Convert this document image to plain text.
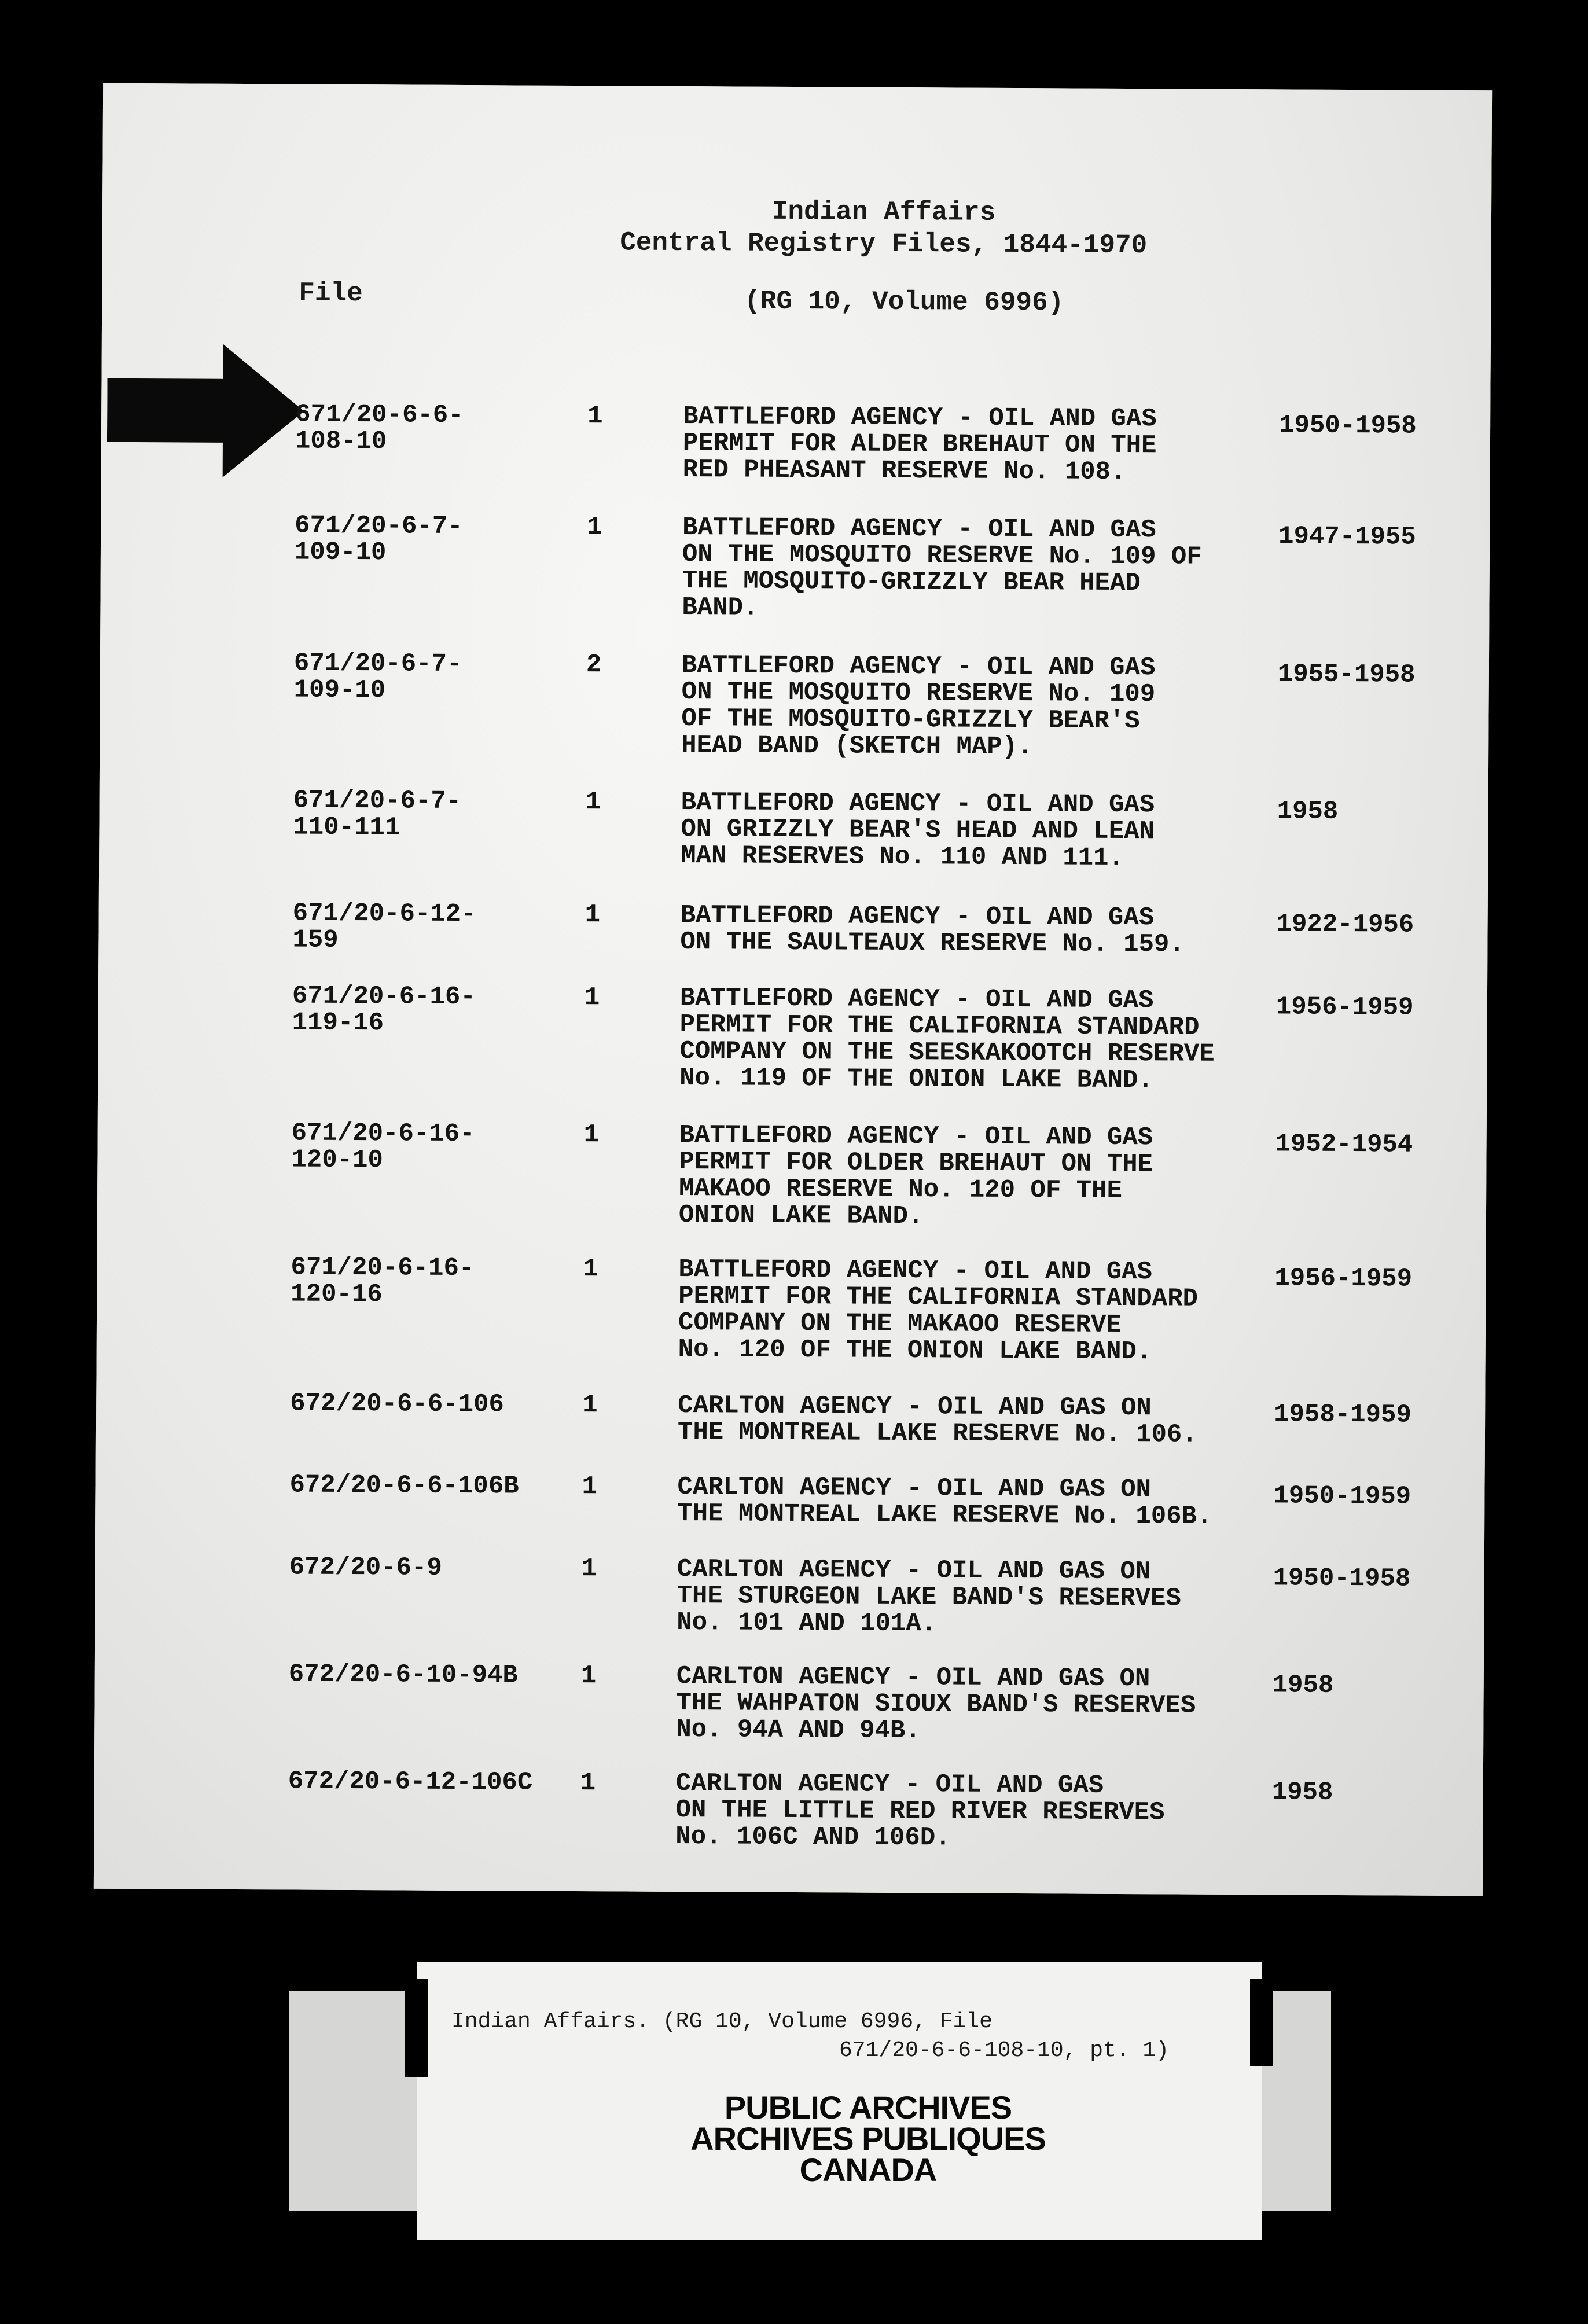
Indian Affairs
Central Registry Files, 1844-1970
File	(RG 10, Volume 6996)
671/20-6-6-
108-10
1	BATTLEFORD AGENCY - OIL AND GAS
PERMIT FOR ALDER BREHAUT ON THE
RED PHEASANT RESERVE No. 108.
1950-1958
671/20-6-7-
109-10
1	BATTLEFORD AGENCY - OIL AND GAS
ON THE MOSQUITO RESERVE No. 109 OF
THE MOSQUITO-GRIZZLY BEAR HEAD
BAND.
1947-1955
671/20-6-7-
109-10
2	BATTLEFORD AGENCY - OIL AND GAS
ON THE MOSQUITO RESERVE No. 109
OF THE MOSQUITO-GRIZZLY BEAR'S
HEAD BAND (SKETCH MAP).
1955-1958
671/20-6-7-
110-111
1	BATTLEFORD AGENCY - OIL AND GAS
ON GRIZZLY BEAR'S HEAD AND LEAN
MAN RESERVES No. 110 AND 111.
1958
671/20-6-12-
159
1	BATTLEFORD AGENCY - OIL AND GAS
ON THE SAULTEAUX RESERVE No. 159.
1922-1956
671/20-6-16-
119-16
1	BATTLEFORD AGENCY - OIL AND GAS
PERMIT FOR THE CALIFORNIA STANDARD
COMPANY ON THE SEESKAKOOTCH RESERVE
No. 119 OF THE ONION LAKE BAND.
1956-1959
671/20-6-16-
120-10
1	BATTLEFORD AGENCY - OIL AND GAS
PERMIT FOR OLDER BREHAUT ON THE
MAKAOO RESERVE No. 120 OF THE
ONION LAKE BAND.
1952-1954
671/20-6-16-
120-16
1	BATTLEFORD AGENCY - OIL AND GAS
PERMIT FOR THE CALIFORNIA STANDARD
COMPANY ON THE MAKAOO RESERVE
No. 120 OF THE ONION LAKE BAND.
1956-1959
672/20-6-6-106	1	CARLTON AGENCY - OIL AND GAS ON
THE MONTREAL LAKE RESERVE No. 106.
1958-1959
672/20-6-6-106B	1	CARLTON AGENCY - OIL AND GAS ON
THE MONTREAL LAKE RESERVE No. 106B.
1950-1959
672/20-6-9	1	CARLTON AGENCY - OIL AND GAS ON
THE STURGEON LAKE BAND'S RESERVES
No. 101 AND 101A.
1950-1958
672/20-6-10-94B	1	CARLTON AGENCY - OIL AND GAS ON
THE WAHPATON SIOUX BAND'S RESERVES
No. 94A AND 94B.
1958
672/20-6-12-106C	1	CARLTON AGENCY - OIL AND GAS
ON THE LITTLE RED RIVER RESERVES
No. 106C AND 106D.
1958
Indian Affairs. (RG 10, Volume 6996, File
671/20-6-6-108-10, pt. 1)
PUBLIC ARCHIVES
ARCHIVES PUBLIQUES
CANADA
